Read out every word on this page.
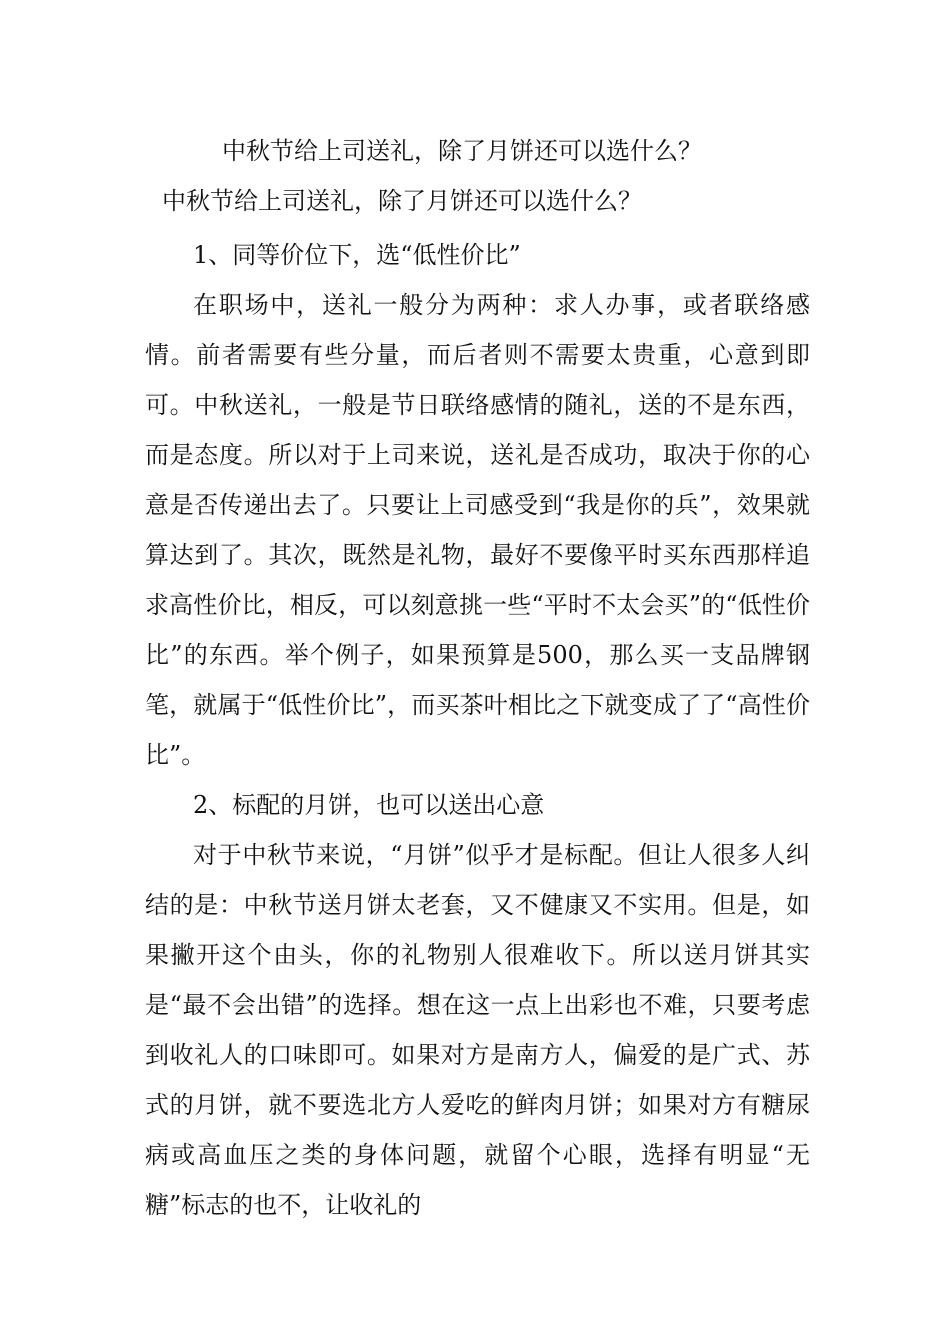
中秋节给上司送礼，除了月饼还可以选什么？

中秋节给上司送礼，除了月饼还可以选什么？

1、同等价位下，选“低性价比”

在职场中，送礼一般分为两种：求人办事，或者联络感情。前者需要有些分量，而后者则不需要太贵重，心意到即可。中秋送礼，一般是节日联络感情的随礼，送的不是东西，而是态度。所以对于上司来说，送礼是否成功，取决于你的心意是否传递出去了。只要让上司感受到“我是你的兵”，效果就算达到了。其次，既然是礼物，最好不要像平时买东西那样追求高性价比，相反，可以刻意挑一些“平时不太会买”的“低性价比”的东西。举个例子，如果预算是500，那么买一支品牌钢笔，就属于“低性价比”，而买茶叶相比之下就变成了了“高性价比”。

2、标配的月饼，也可以送出心意

对于中秋节来说，“月饼”似乎才是标配。但让人很多人纠结的是：中秋节送月饼太老套，又不健康又不实用。但是，如果撇开这个由头，你的礼物别人很难收下。所以送月饼其实是“最不会出错”的选择。想在这一点上出彩也不难，只要考虑到收礼人的口味即可。如果对方是南方人，偏爱的是广式、苏式的月饼，就不要选北方人爱吃的鲜肉月饼；如果对方有糖尿病或高血压之类的身体问题，就留个心眼，选择有明显“无糖”标志的也不，让收礼的
